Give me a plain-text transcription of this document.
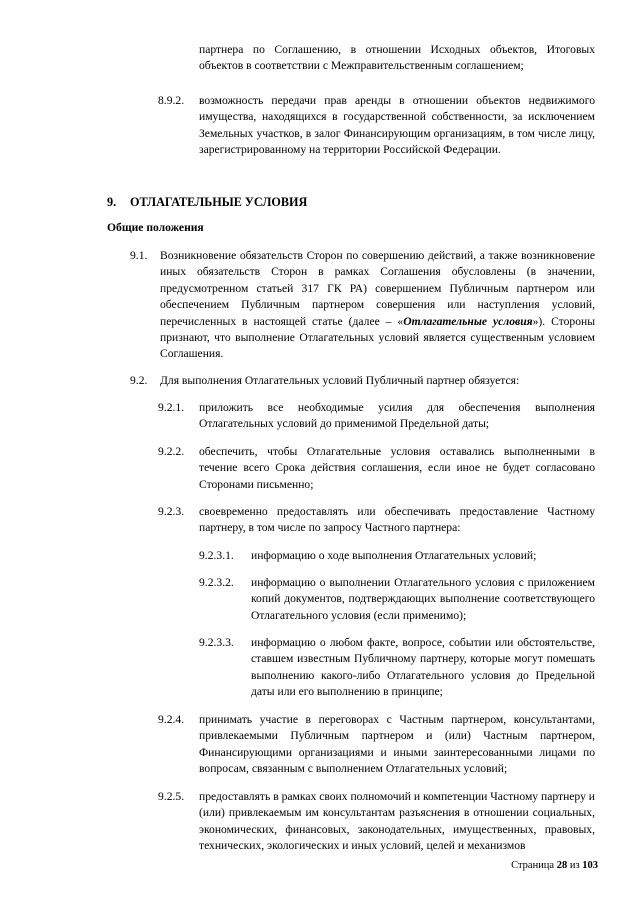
партнера по Соглашению, в отношении Исходных объектов, Итоговых объектов в соответствии с Межправительственным соглашением;
8.9.2. возможность передачи прав аренды в отношении объектов недвижимого имущества, находящихся в государственной собственности, за исключением Земельных участков, в залог Финансирующим организациям, в том числе лицу, зарегистрированному на территории Российской Федерации.
9. ОТЛАГАТЕЛЬНЫЕ УСЛОВИЯ
Общие положения
9.1. Возникновение обязательств Сторон по совершению действий, а также возникновение иных обязательств Сторон в рамках Соглашения обусловлены (в значении, предусмотренном статьей 317 ГК РА) совершением Публичным партнером или обеспечением Публичным партнером совершения или наступления условий, перечисленных в настоящей статье (далее – «Отлагательные условия»). Стороны признают, что выполнение Отлагательных условий является существенным условием Соглашения.
9.2. Для выполнения Отлагательных условий Публичный партнер обязуется:
9.2.1. приложить все необходимые усилия для обеспечения выполнения Отлагательных условий до применимой Предельной даты;
9.2.2. обеспечить, чтобы Отлагательные условия оставались выполненными в течение всего Срока действия соглашения, если иное не будет согласовано Сторонами письменно;
9.2.3. своевременно предоставлять или обеспечивать предоставление Частному партнеру, в том числе по запросу Частного партнера:
9.2.3.1. информацию о ходе выполнения Отлагательных условий;
9.2.3.2. информацию о выполнении Отлагательного условия с приложением копий документов, подтверждающих выполнение соответствующего Отлагательного условия (если применимо);
9.2.3.3. информацию о любом факте, вопросе, событии или обстоятельстве, ставшем известным Публичному партнеру, которые могут помешать выполнению какого-либо Отлагательного условия до Предельной даты или его выполнению в принципе;
9.2.4. принимать участие в переговорах с Частным партнером, консультантами, привлекаемыми Публичным партнером и (или) Частным партнером, Финансирующими организациями и иными заинтересованными лицами по вопросам, связанным с выполнением Отлагательных условий;
9.2.5. предоставлять в рамках своих полномочий и компетенции Частному партнеру и (или) привлекаемым им консультантам разъяснения в отношении социальных, экономических, финансовых, законодательных, имущественных, правовых, технических, экологических и иных условий, целей и механизмов
Страница 28 из 103
